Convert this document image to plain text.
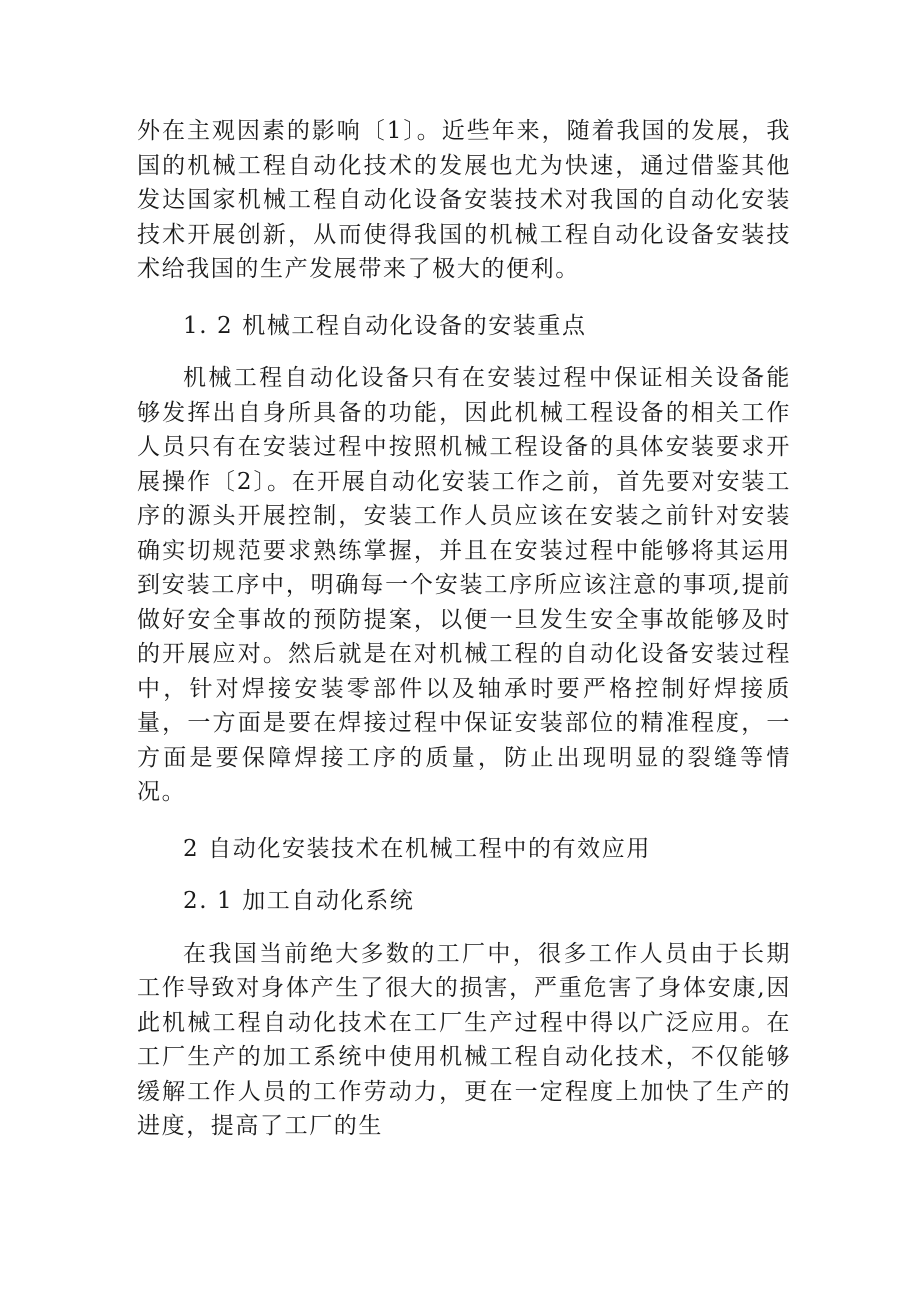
外在主观因素的影响〔1〕。近些年来，随着我国的发展，我国的机械工程自动化技术的发展也尤为快速，通过借鉴其他发达国家机械工程自动化设备安装技术对我国的自动化安装技术开展创新，从而使得我国的机械工程自动化设备安装技术给我国的生产发展带来了极大的便利。

1. 2 机械工程自动化设备的安装重点

机械工程自动化设备只有在安装过程中保证相关设备能够发挥出自身所具备的功能，因此机械工程设备的相关工作人员只有在安装过程中按照机械工程设备的具体安装要求开展操作〔2〕。在开展自动化安装工作之前，首先要对安装工序的源头开展控制，安装工作人员应该在安装之前针对安装确实切规范要求熟练掌握，并且在安装过程中能够将其运用到安装工序中，明确每一个安装工序所应该注意的事项,提前做好安全事故的预防提案，以便一旦发生安全事故能够及时的开展应对。然后就是在对机械工程的自动化设备安装过程中，针对焊接安装零部件以及轴承时要严格控制好焊接质量，一方面是要在焊接过程中保证安装部位的精准程度，一方面是要保障焊接工序的质量，防止出现明显的裂缝等情况。

2 自动化安装技术在机械工程中的有效应用

2. 1 加工自动化系统

在我国当前绝大多数的工厂中，很多工作人员由于长期工作导致对身体产生了很大的损害，严重危害了身体安康,因此机械工程自动化技术在工厂生产过程中得以广泛应用。在工厂生产的加工系统中使用机械工程自动化技术，不仅能够缓解工作人员的工作劳动力，更在一定程度上加快了生产的进度，提高了工厂的生
